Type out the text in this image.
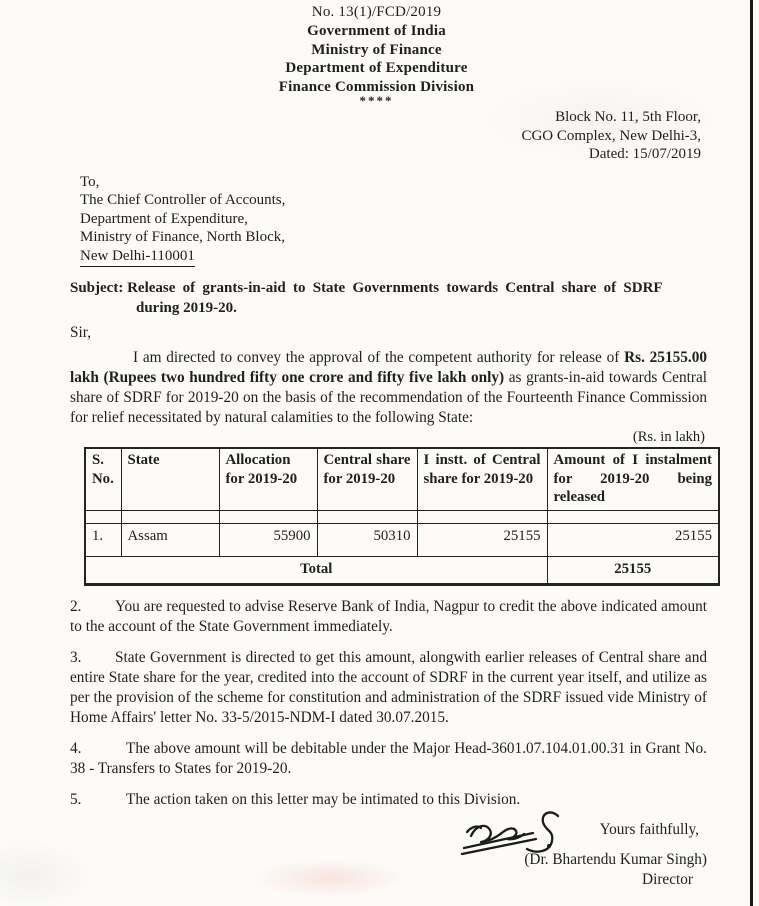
No. 13(1)/FCD/2019
Government of India
Ministry of Finance
Department of Expenditure
Finance Commission Division
****
Block No. 11, 5th Floor,
CGO Complex, New Delhi-3,
Dated: 15/07/2019
To,
The Chief Controller of Accounts,
Department of Expenditure,
Ministry of Finance, North Block,
New Delhi-110001

Subject: Release of grants-in-aid to State Governments towards Central share of SDRF
during 2019-20.

Sir,

I am directed to convey the approval of the competent authority for release of Rs. 25155.00 lakh (Rupees two hundred fifty one crore and fifty five lakh only) as grants-in-aid towards Central share of SDRF for 2019-20 on the basis of the recommendation of the Fourteenth Finance Commission for relief necessitated by natural calamities to the following State:

(Rs. in lakh)
S. No.	State	Allocation for 2019-20	Central share for 2019-20	I instt. of Central share for 2019-20	Amount of I instalment for 2019-20 being released

1.	Assam	55900	50310	25155	25155
Total					25155

2. You are requested to advise Reserve Bank of India, Nagpur to credit the above indicated amount to the account of the State Government immediately.

3. State Government is directed to get this amount, alongwith earlier releases of Central share and entire State share for the year, credited into the account of SDRF in the current year itself, and utilize as per the provision of the scheme for constitution and administration of the SDRF issued vide Ministry of Home Affairs' letter No. 33-5/2015-NDM-I dated 30.07.2015.

4.	The above amount will be debitable under the Major Head-3601.07.104.01.00.31 in Grant No. 38 - Transfers to States for 2019-20.

5.	The action taken on this letter may be intimated to this Division.

Yours faithfully,
(Dr. Bhartendu Kumar Singh)
Director
